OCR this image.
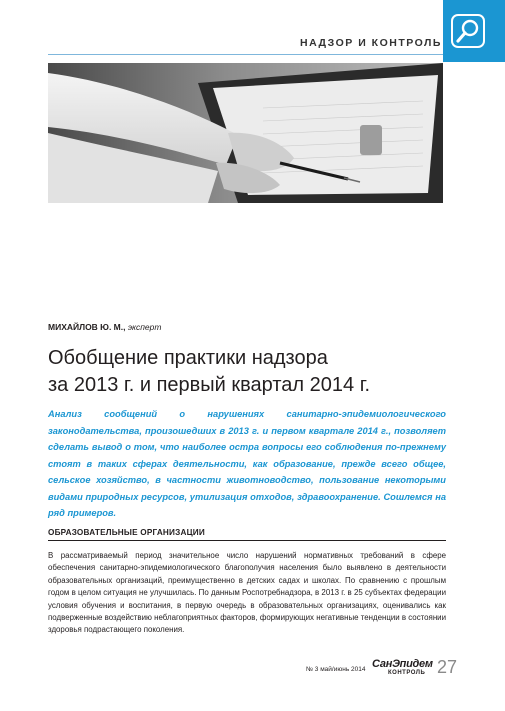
НАДЗОР И КОНТРОЛЬ
МИХАЙЛОВ Ю. М., эксперт
Обобщение практики надзора
за 2013 г. и первый квартал 2014 г.

Анализ сообщений о нарушениях санитарно-эпидемиологического законодательства, произошедших в 2013 г. и первом квартале 2014 г., позволяет сделать вывод о том, что наиболее остра вопросы его соблюдения по-прежнему стоят в таких сферах деятельности, как образование, прежде всего общее, сельское хозяйство, в частности животноводство, пользование некоторыми видами природных ресурсов, утилизация отходов, здравоохранение. Сошлемся на ряд примеров.

ОБРАЗОВАТЕЛЬНЫЕ ОРГАНИЗАЦИИ

В рассматриваемый период значительное число нарушений нормативных требований в сфере обеспечения санитарно-эпидемиологического благополучия населения было выявлено в деятельности образовательных организаций, преимущественно в детских садах и школах. По сравнению с прошлым годом в целом ситуация не улучшилась. По данным Роспотребнадзора, в 2013 г. в 25 субъектах федерации условия обучения и воспитания, в первую очередь в образовательных организациях, оценивались как подверженные воздействию неблагоприятных факторов, формирующих негативные тенденции в состоянии здоровья подрастающего поколения.

№ 3 май/июнь 2014 СанЭпидем
КОНТРОЛЬ 27
